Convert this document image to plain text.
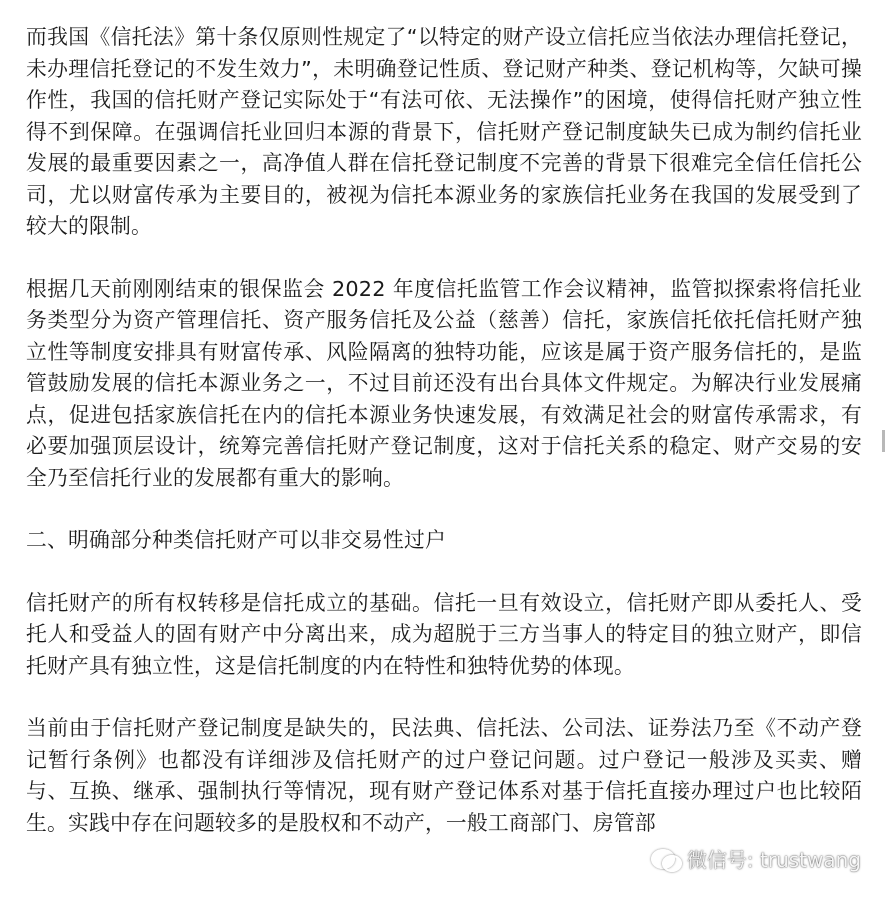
而我国《信托法》第十条仅原则性规定了“以特定的财产设立信托应当依法办理信托登记，未办理信托登记的不发生效力”，未明确登记性质、登记财产种类、登记机构等，欠缺可操作性，我国的信托财产登记实际处于“有法可依、无法操作”的困境，使得信托财产独立性得不到保障。在强调信托业回归本源的背景下，信托财产登记制度缺失已成为制约信托业发展的最重要因素之一，高净值人群在信托登记制度不完善的背景下很难完全信任信托公司，尤以财富传承为主要目的，被视为信托本源业务的家族信托业务在我国的发展受到了较大的限制。

根据几天前刚刚结束的银保监会 2022 年度信托监管工作会议精神，监管拟探索将信托业务类型分为资产管理信托、资产服务信托及公益（慈善）信托，家族信托依托信托财产独立性等制度安排具有财富传承、风险隔离的独特功能，应该是属于资产服务信托的，是监管鼓励发展的信托本源业务之一，不过目前还没有出台具体文件规定。为解决行业发展痛点，促进包括家族信托在内的信托本源业务快速发展，有效满足社会的财富传承需求，有必要加强顶层设计，统筹完善信托财产登记制度，这对于信托关系的稳定、财产交易的安全乃至信托行业的发展都有重大的影响。

二、明确部分种类信托财产可以非交易性过户

信托财产的所有权转移是信托成立的基础。信托一旦有效设立，信托财产即从委托人、受托人和受益人的固有财产中分离出来，成为超脱于三方当事人的特定目的独立财产，即信托财产具有独立性，这是信托制度的内在特性和独特优势的体现。

当前由于信托财产登记制度是缺失的，民法典、信托法、公司法、证券法乃至《不动产登记暂行条例》也都没有详细涉及信托财产的过户登记问题。过户登记一般涉及买卖、赠与、互换、继承、强制执行等情况，现有财产登记体系对基于信托直接办理过户也比较陌生。实践中存在问题较多的是股权和不动产，一般工商部门、房管部

微信号: trustwang
